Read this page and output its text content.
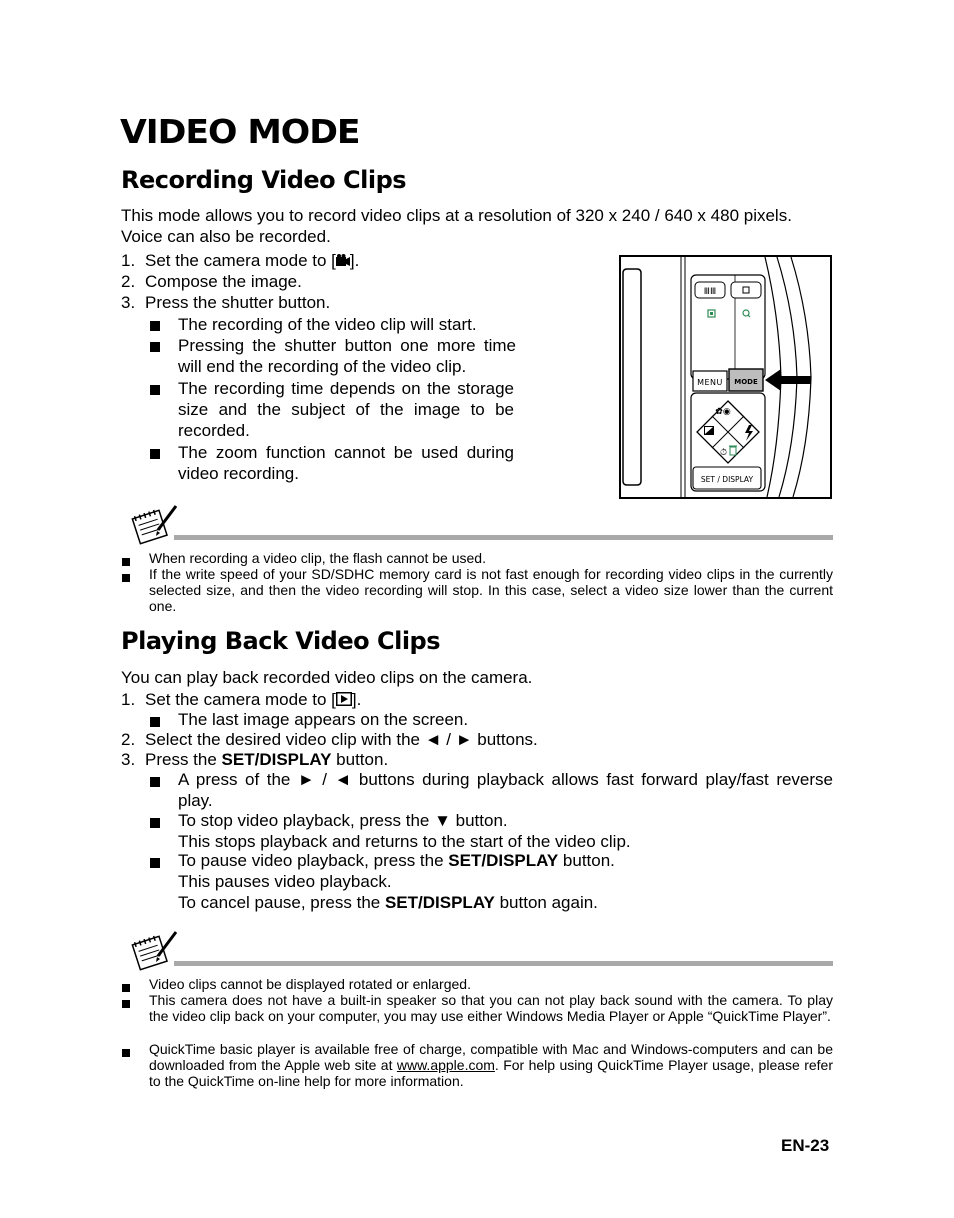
VIDEO MODE
Recording Video Clips
This mode allows you to record video clips at a resolution of 320 x 240 / 640 x 480 pixels. Voice can also be recorded.
1. Set the camera mode to [ ].
2. Compose the image.
3. Press the shutter button.
The recording of the video clip will start.
Pressing the shutter button one more time will end the recording of the video clip.
The recording time depends on the storage size and the subject of the image to be recorded.
The zoom function cannot be used during video recording.
ⅢⅢ
MENU MODE
✿◉
⏱
SET / DISPLAY
When recording a video clip, the flash cannot be used.
If the write speed of your SD/SDHC memory card is not fast enough for recording video clips in the currently selected size, and then the video recording will stop. In this case, select a video size lower than the current one.
Playing Back Video Clips
You can play back recorded video clips on the camera.
1. Set the camera mode to [ ].
The last image appears on the screen.
2. Select the desired video clip with the ◄ / ► buttons.
3. Press the SET/DISPLAY button.
A press of the ► / ◄ buttons during playback allows fast forward play/fast reverse play.
To stop video playback, press the ▼ button.
This stops playback and returns to the start of the video clip.
To pause video playback, press the SET/DISPLAY button.
This pauses video playback.
To cancel pause, press the SET/DISPLAY button again.
Video clips cannot be displayed rotated or enlarged.
This camera does not have a built-in speaker so that you can not play back sound with the camera. To play the video clip back on your computer, you may use either Windows Media Player or Apple “QuickTime Player”.
QuickTime basic player is available free of charge, compatible with Mac and Windows-computers and can be downloaded from the Apple web site at www.apple.com. For help using QuickTime Player usage, please refer to the QuickTime on-line help for more information.
EN-23
